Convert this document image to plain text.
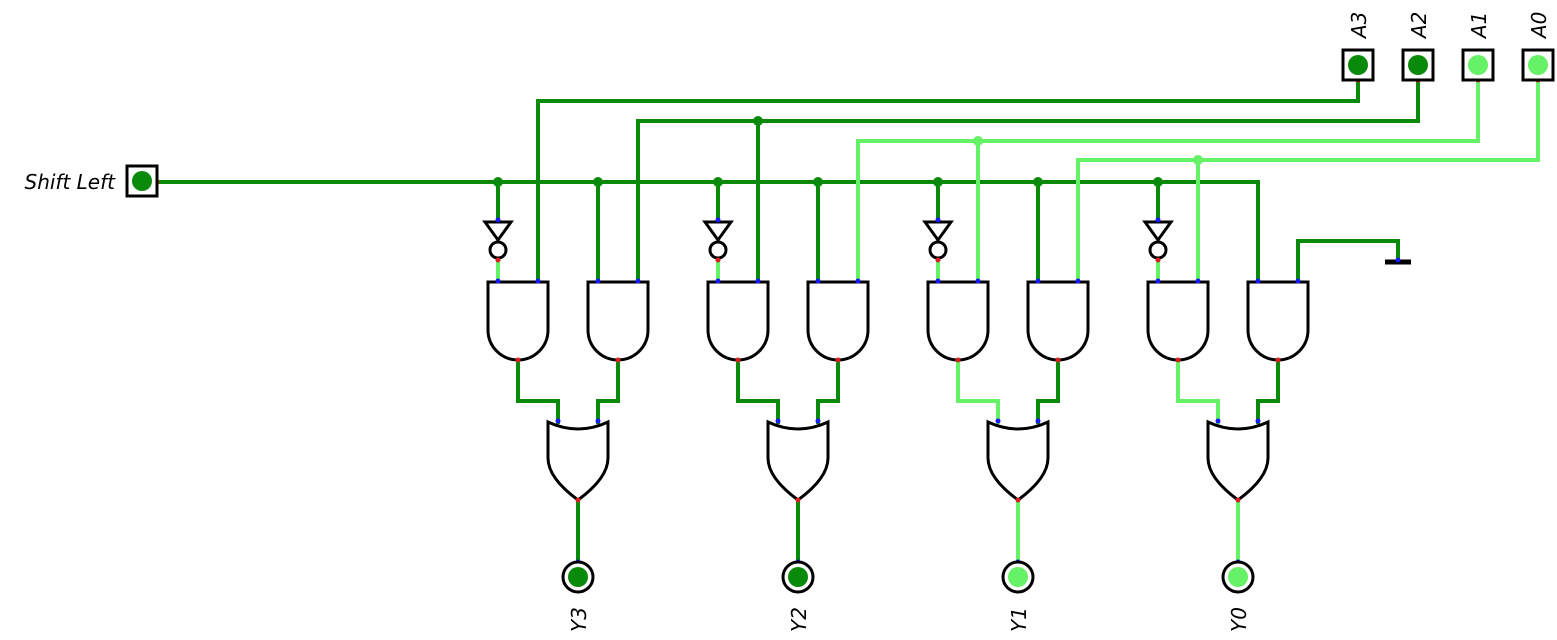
Shift Left
A3 A2 A1 A0
Y3	Y2	Y1	Y0
